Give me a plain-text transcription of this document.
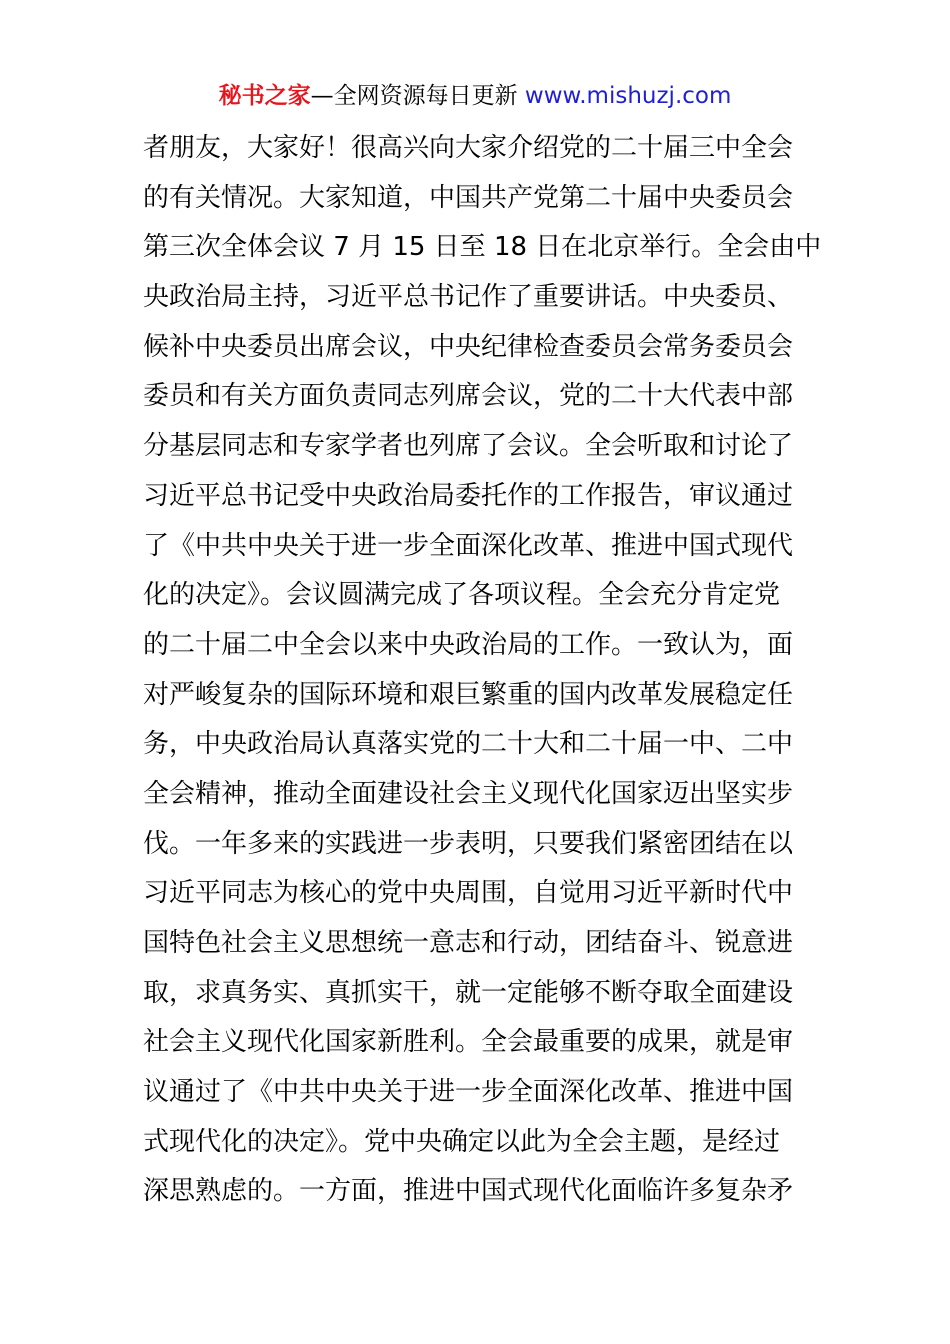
秘书之家—全网资源每日更新 www.mishuzj.com
者朋友，大家好！很高兴向大家介绍党的二十届三中全会
的有关情况。大家知道，中国共产党第二十届中央委员会
第三次全体会议 7 月 15 日至 18 日在北京举行。全会由中
央政治局主持，习近平总书记作了重要讲话。中央委员、
候补中央委员出席会议，中央纪律检查委员会常务委员会
委员和有关方面负责同志列席会议，党的二十大代表中部
分基层同志和专家学者也列席了会议。全会听取和讨论了
习近平总书记受中央政治局委托作的工作报告，审议通过
了《中共中央关于进一步全面深化改革、推进中国式现代
化的决定》。会议圆满完成了各项议程。全会充分肯定党
的二十届二中全会以来中央政治局的工作。一致认为，面
对严峻复杂的国际环境和艰巨繁重的国内改革发展稳定任
务，中央政治局认真落实党的二十大和二十届一中、二中
全会精神，推动全面建设社会主义现代化国家迈出坚实步
伐。一年多来的实践进一步表明，只要我们紧密团结在以
习近平同志为核心的党中央周围，自觉用习近平新时代中
国特色社会主义思想统一意志和行动，团结奋斗、锐意进
取，求真务实、真抓实干，就一定能够不断夺取全面建设
社会主义现代化国家新胜利。全会最重要的成果，就是审
议通过了《中共中央关于进一步全面深化改革、推进中国
式现代化的决定》。党中央确定以此为全会主题，是经过
深思熟虑的。一方面，推进中国式现代化面临许多复杂矛
